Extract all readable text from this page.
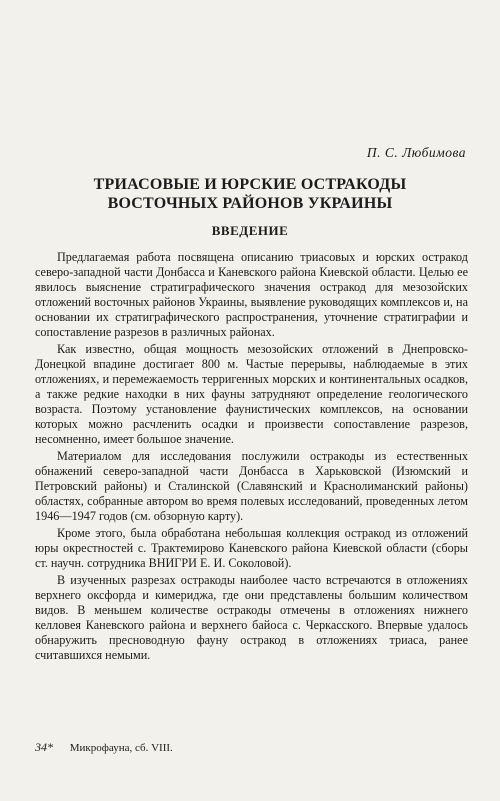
П. С. Любимова
ТРИАСОВЫЕ И ЮРСКИЕ ОСТРАКОДЫ
ВОСТОЧНЫХ РАЙОНОВ УКРАИНЫ
ВВЕДЕНИЕ

Предлагаемая работа посвящена описанию триасовых и юрских остракод северо-западной части Донбасса и Каневского района Киевской области. Целью ее явилось выяснение стратиграфического значения остракод для мезозойских отложений восточных районов Украины, выявление руководящих комплексов и, на основании их стратиграфического распространения, уточнение стратиграфии и сопоставление разрезов в различных районах.

Как известно, общая мощность мезозойских отложений в Днепровско-Донецкой впадине достигает 800 м. Частые перерывы, наблюдаемые в этих отложениях, и перемежаемость терригенных морских и континентальных осадков, а также редкие находки в них фауны затрудняют определение геологического возраста. Поэтому установление фаунистических комплексов, на основании которых можно расчленить осадки и произвести сопоставление разрезов, несомненно, имеет большое значение.

Материалом для исследования послужили остракоды из естественных обнажений северо-западной части Донбасса в Харьковской (Изюмский и Петровский районы) и Сталинской (Славянский и Краснолиманский районы) областях, собранные автором во время полевых исследований, проведенных летом 1946—1947 годов (см. обзорную карту).

Кроме этого, была обработана небольшая коллекция остракод из отложений юры окрестностей с. Трактемирово Каневского района Киевской области (сборы ст. научн. сотрудника ВНИГРИ Е. И. Соколовой).

В изученных разрезах остракоды наиболее часто встречаются в отложениях верхнего оксфорда и кимериджа, где они представлены большим количеством видов. В меньшем количестве остракоды отмечены в отложениях нижнего келловея Каневского района и верхнего байоса с. Черкасского. Впервые удалось обнаружить пресноводную фауну остракод в отложениях триаса, ранее считавшихся немыми.

34* Микрофауна, сб. VIII.
